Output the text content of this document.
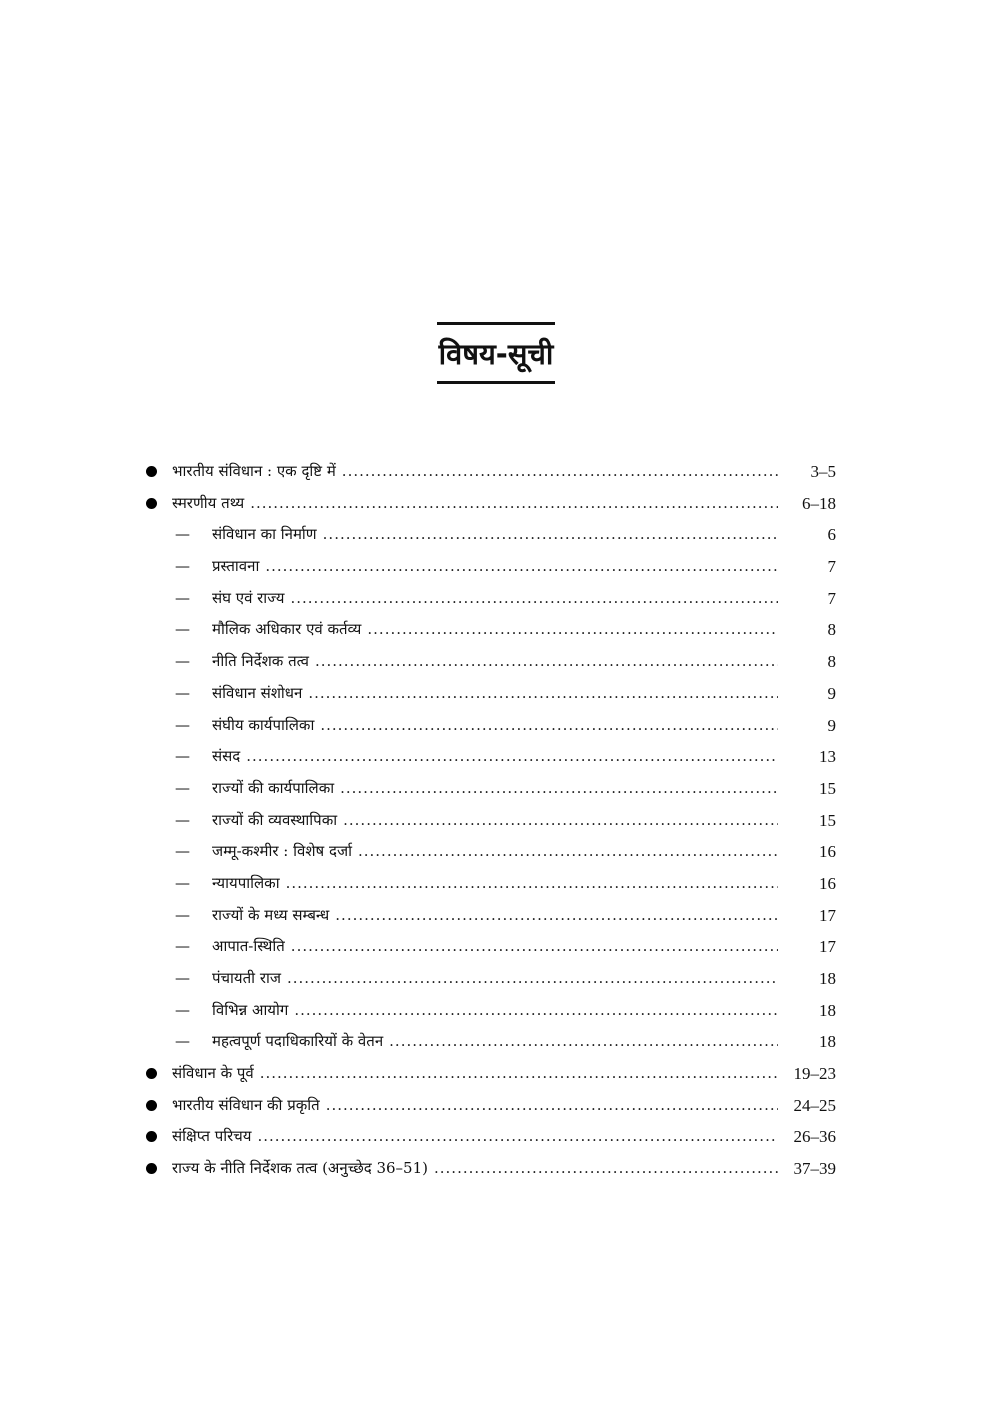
विषय-सूची
भारतीय संविधान : एक दृष्टि में .....	3–5
स्मरणीय तथ्य .....	6–18
— संविधान का निर्माण .....	6
— प्रस्तावना .....	7
— संघ एवं राज्य .....	7
— मौलिक अधिकार एवं कर्तव्य .....	8
— नीति निर्देशक तत्व .....	8
— संविधान संशोधन .....	9
— संघीय कार्यपालिका .....	9
— संसद .....	13
— राज्यों की कार्यपालिका .....	15
— राज्यों की व्यवस्थापिका .....	15
— जम्मू-कश्मीर : विशेष दर्जा .....	16
— न्यायपालिका .....	16
— राज्यों के मध्य सम्बन्ध .....	17
— आपात-स्थिति .....	17
— पंचायती राज .....	18
— विभिन्न आयोग .....	18
— महत्वपूर्ण पदाधिकारियों के वेतन .....	18
संविधान के पूर्व .....	19–23
भारतीय संविधान की प्रकृति .....	24–25
संक्षिप्त परिचय .....	26–36
राज्य के नीति निर्देशक तत्व (अनुच्छेद 36–51) .....	37–39
